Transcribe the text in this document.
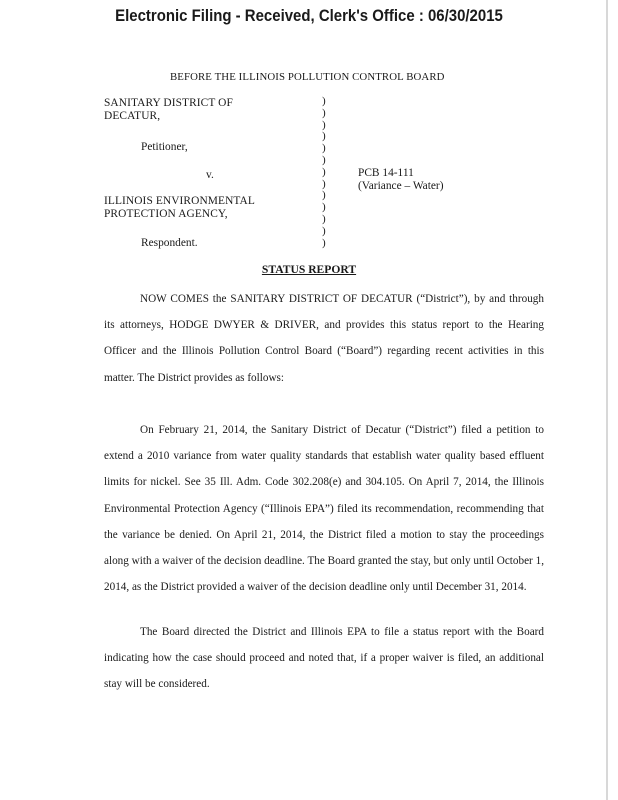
Electronic Filing - Received, Clerk's Office : 06/30/2015
BEFORE THE ILLINOIS POLLUTION CONTROL BOARD
SANITARY DISTRICT OF
DECATUR,
Petitioner,
v.
ILLINOIS ENVIRONMENTAL
PROTECTION AGENCY,
Respondent.
)
)
)
)
)
)
)
)
)
)
)
)
)
PCB 14-111
(Variance – Water)
STATUS REPORT

NOW COMES the SANITARY DISTRICT OF DECATUR (“District”), by and through its attorneys, HODGE DWYER & DRIVER, and provides this status report to the Hearing Officer and the Illinois Pollution Control Board (“Board”) regarding recent activities in this matter. The District provides as follows:

On February 21, 2014, the Sanitary District of Decatur (“District”) filed a petition to extend a 2010 variance from water quality standards that establish water quality based effluent limits for nickel. See 35 Ill. Adm. Code 302.208(e) and 304.105. On April 7, 2014, the Illinois Environmental Protection Agency (“Illinois EPA”) filed its recommendation, recommending that the variance be denied. On April 21, 2014, the District filed a motion to stay the proceedings along with a waiver of the decision deadline. The Board granted the stay, but only until October 1, 2014, as the District provided a waiver of the decision deadline only until December 31, 2014.

The Board directed the District and Illinois EPA to file a status report with the Board indicating how the case should proceed and noted that, if a proper waiver is filed, an additional stay will be considered.
